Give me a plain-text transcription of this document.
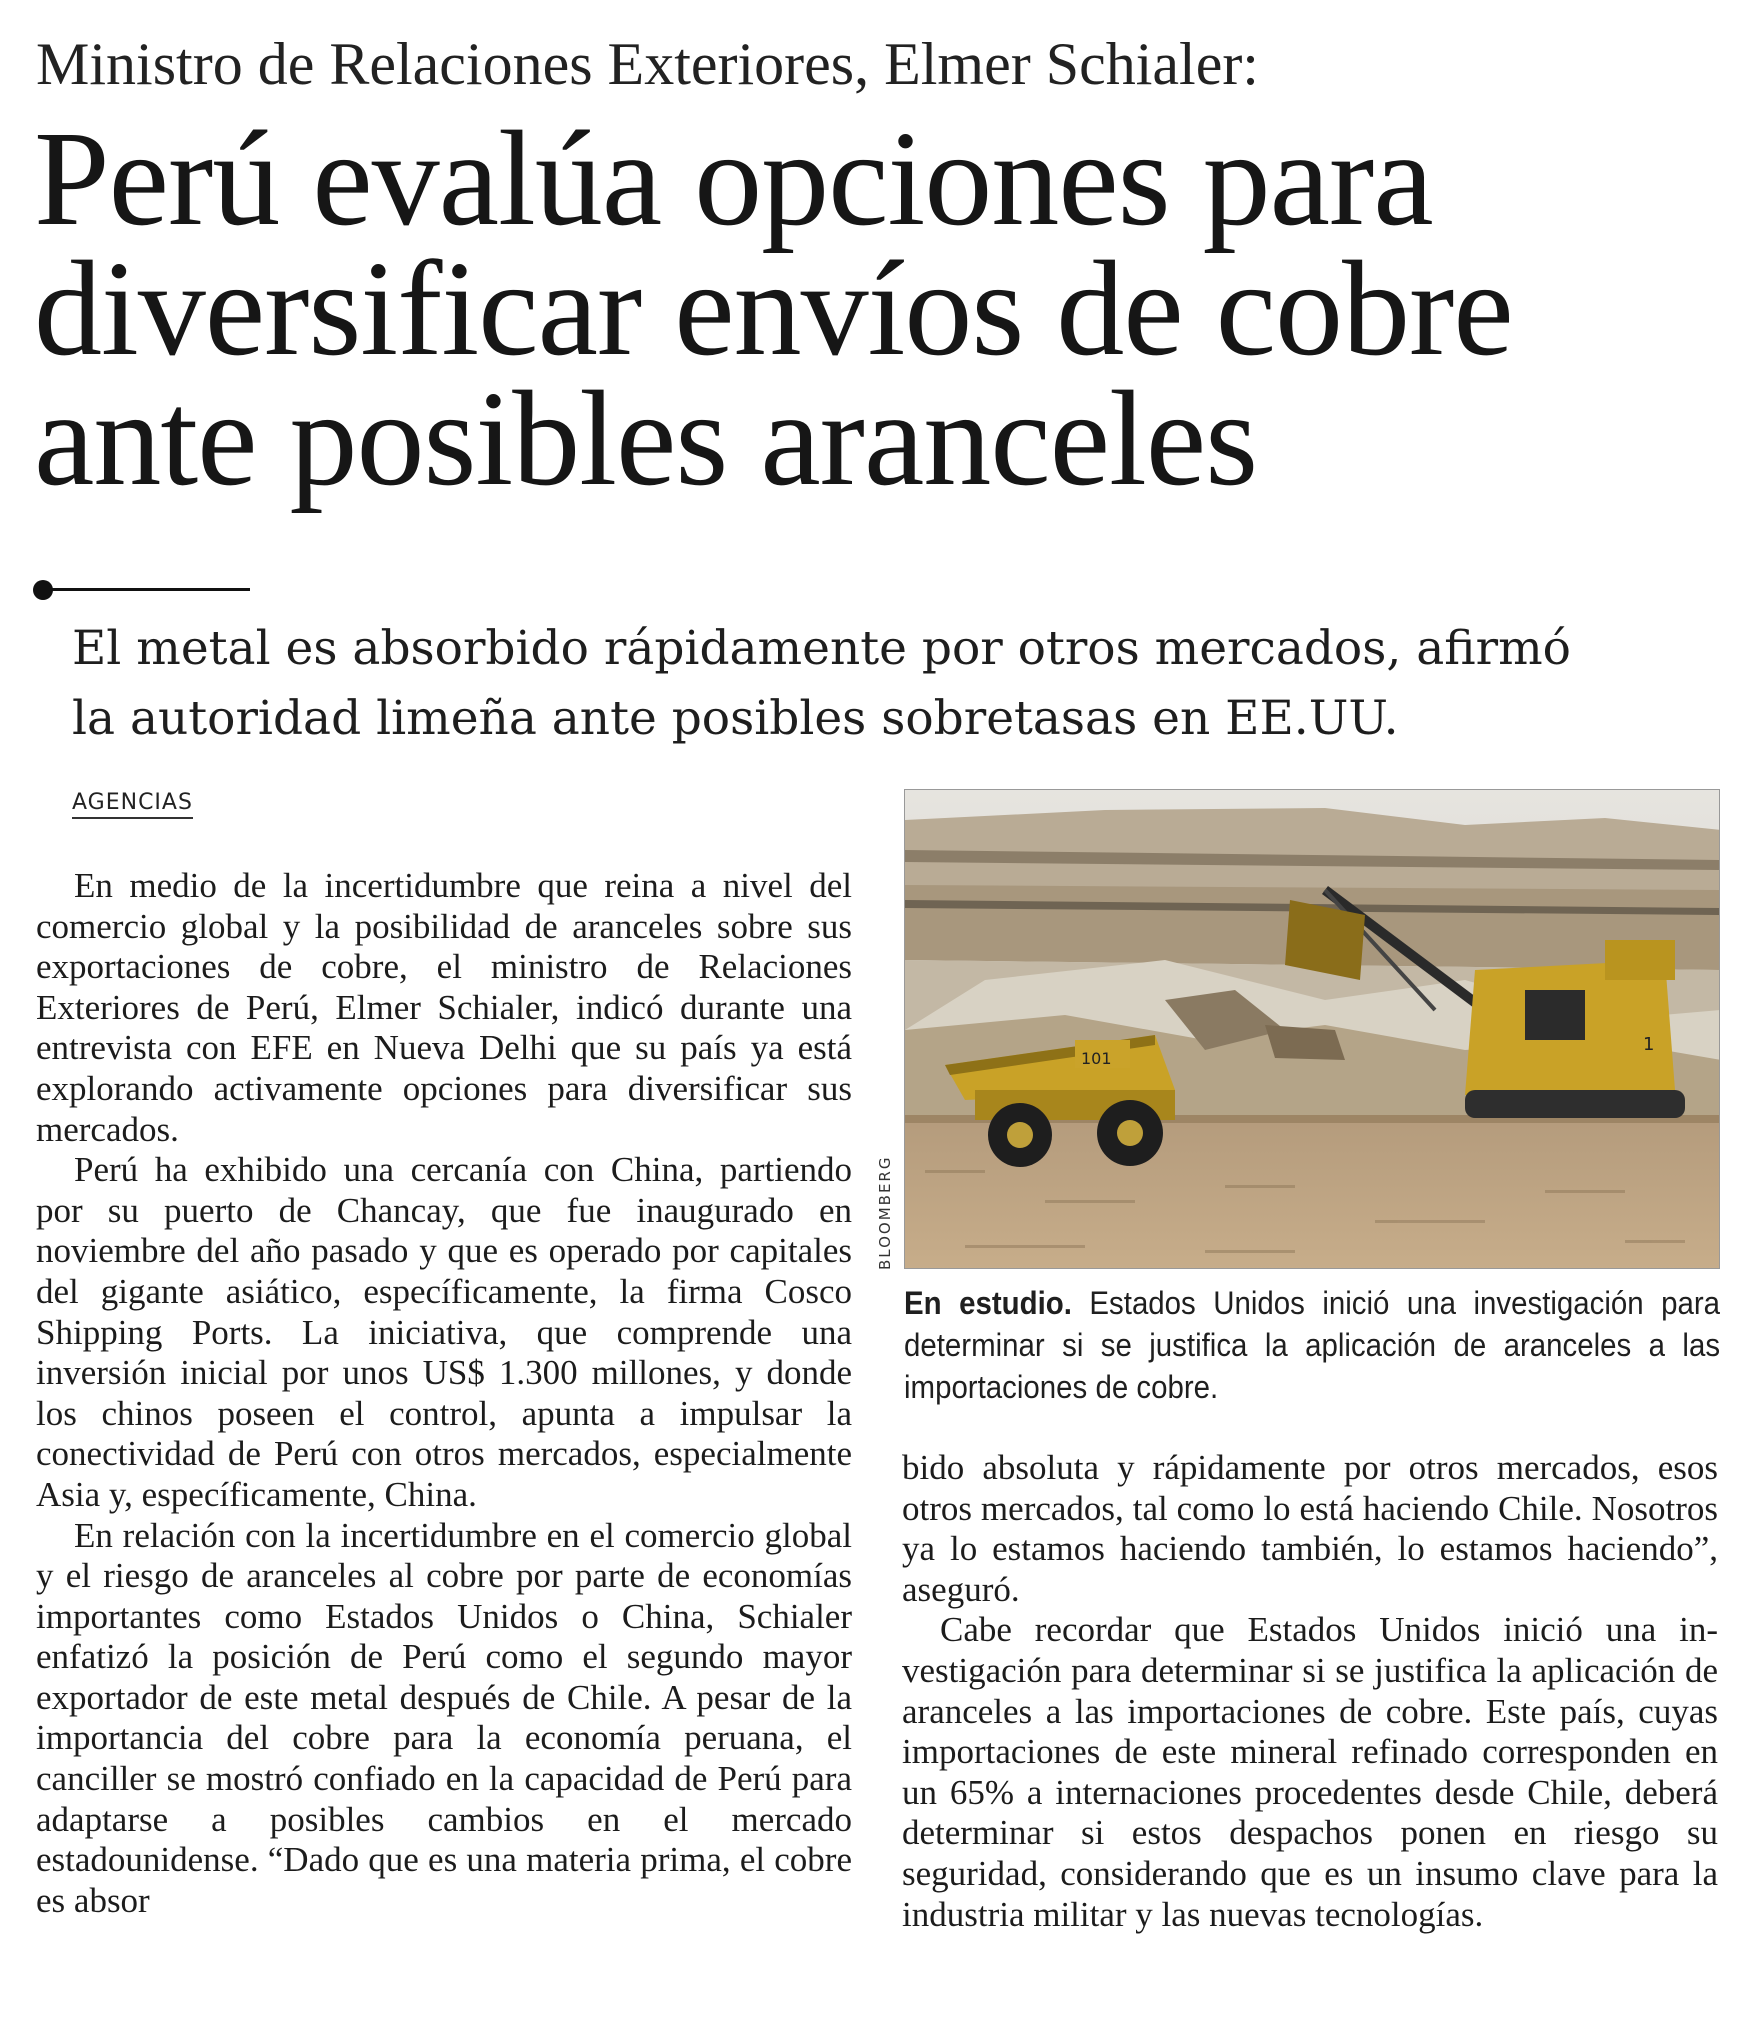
Ministro de Relaciones Exteriores, Elmer Schialer:
Perú evalúa opciones para
diversificar envíos de cobre
ante posibles aranceles
El metal es absorbido rápidamente por otros mercados, afirmó
la autoridad limeña ante posibles sobretasas en EE.UU.
AGENCIAS

En medio de la incertidumbre que reina a nivel del comercio global y la posibilidad de aranceles sobre sus exportaciones de cobre, el ministro de Relaciones Exteriores de Perú, Elmer Schialer, indicó durante una entrevista con EFE en Nueva Delhi que su país ya está explorando activamente opciones para diversificar sus mercados.

Perú ha exhibido una cercanía con China, partiendo por su puerto de Chancay, que fue inaugurado en noviembre del año pasado y que es operado por capitales del gigante asiático, específicamente, la firma Cosco Shipping Ports. La iniciativa, que comprende una inversión inicial por unos US$ 1.300 millones, y donde los chinos poseen el control, apunta a impulsar la conectividad de Perú con otros mercados, especialmente Asia y, específicamente, China.

En relación con la incertidumbre en el comercio global y el riesgo de aranceles al cobre por parte de economías importantes como Estados Unidos o China, Schialer enfatizó la posición de Perú como el segundo mayor exportador de este metal después de Chile. A pesar de la importancia del cobre para la economía peruana, el canciller se mostró confiado en la capacidad de Perú para adaptarse a posibles cambios en el mercado estadounidense. “Dado que es una materia prima, el cobre es absor

101
1
BLOOMBERG
En estudio. Estados Unidos inició una investigación para determinar si se justifica la aplicación de aranceles a las importaciones de cobre.

bido absoluta y rápidamente por otros mercados, esos otros mercados, tal como lo está haciendo Chile. Nosotros ya lo estamos haciendo también, lo estamos haciendo”, aseguró.

Cabe recordar que Estados Unidos inició una investigación para determinar si se justifica la aplicación de aranceles a las importaciones de cobre. Este país, cuyas importaciones de este mineral refinado corresponden en un 65% a internaciones procedentes desde Chile, deberá determinar si estos despachos ponen en riesgo su seguridad, considerando que es un insumo clave para la industria militar y las nuevas tecnologías.
